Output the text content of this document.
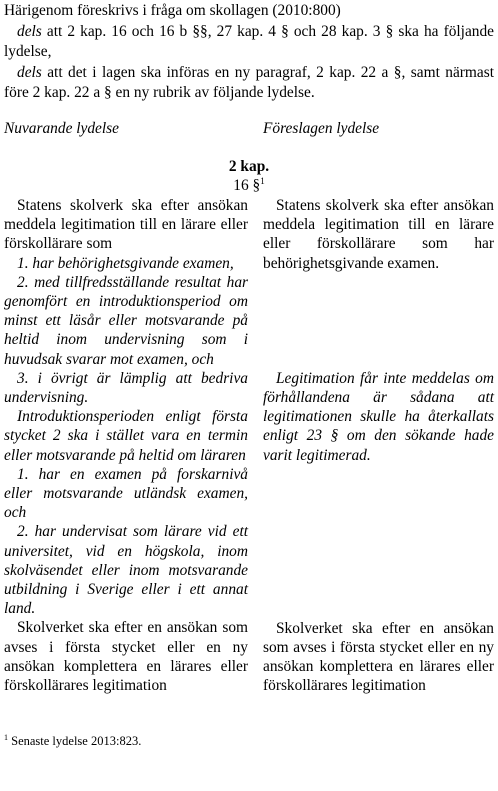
Härigenom föreskrivs i fråga om skollagen (2010:800)

dels att 2 kap. 16 och 16 b §§, 27 kap. 4 § och 28 kap. 3 § ska ha följande lydelse,

dels att det i lagen ska införas en ny paragraf, 2 kap. 22 a §, samt närmast före 2 kap. 22 a § en ny rubrik av följande lydelse.

Nuvarande lydelse	Föreslagen lydelse
2 kap.
16 §$^1$

Statens skolverk ska efter ansökan meddela legitimation till en lärare eller förskollärare som

1. har behörighetsgivande examen,

2. med tillfredsställande resultat har genomfört en introduktionsperiod om minst ett läsår eller motsvarande på heltid inom undervisning som i huvudsak svarar mot examen, och

3. i övrigt är lämplig att bedriva undervisning.

Introduktionsperioden enligt första stycket 2 ska i stället vara en termin eller motsvarande på heltid om läraren

1. har en examen på forskarnivå eller motsvarande utländsk examen, och

2. har undervisat som lärare vid ett universitet, vid en högskola, inom skolväsendet eller inom motsvarande utbildning i Sverige eller i ett annat land.

Skolverket ska efter en ansökan som avses i första stycket eller en ny ansökan komplettera en lärares eller förskollärares legitimation

Statens skolverk ska efter ansökan meddela legitimation till en lärare eller förskollärare som har behörighetsgivande examen.

Legitimation får inte meddelas om förhållandena är sådana att legitimationen skulle ha återkallats enligt 23 § om den sökande hade varit legitimerad.

Skolverket ska efter en ansökan som avses i första stycket eller en ny ansökan komplettera en lärares eller förskollärares legitimation

$^1$ Senaste lydelse 2013:823.
